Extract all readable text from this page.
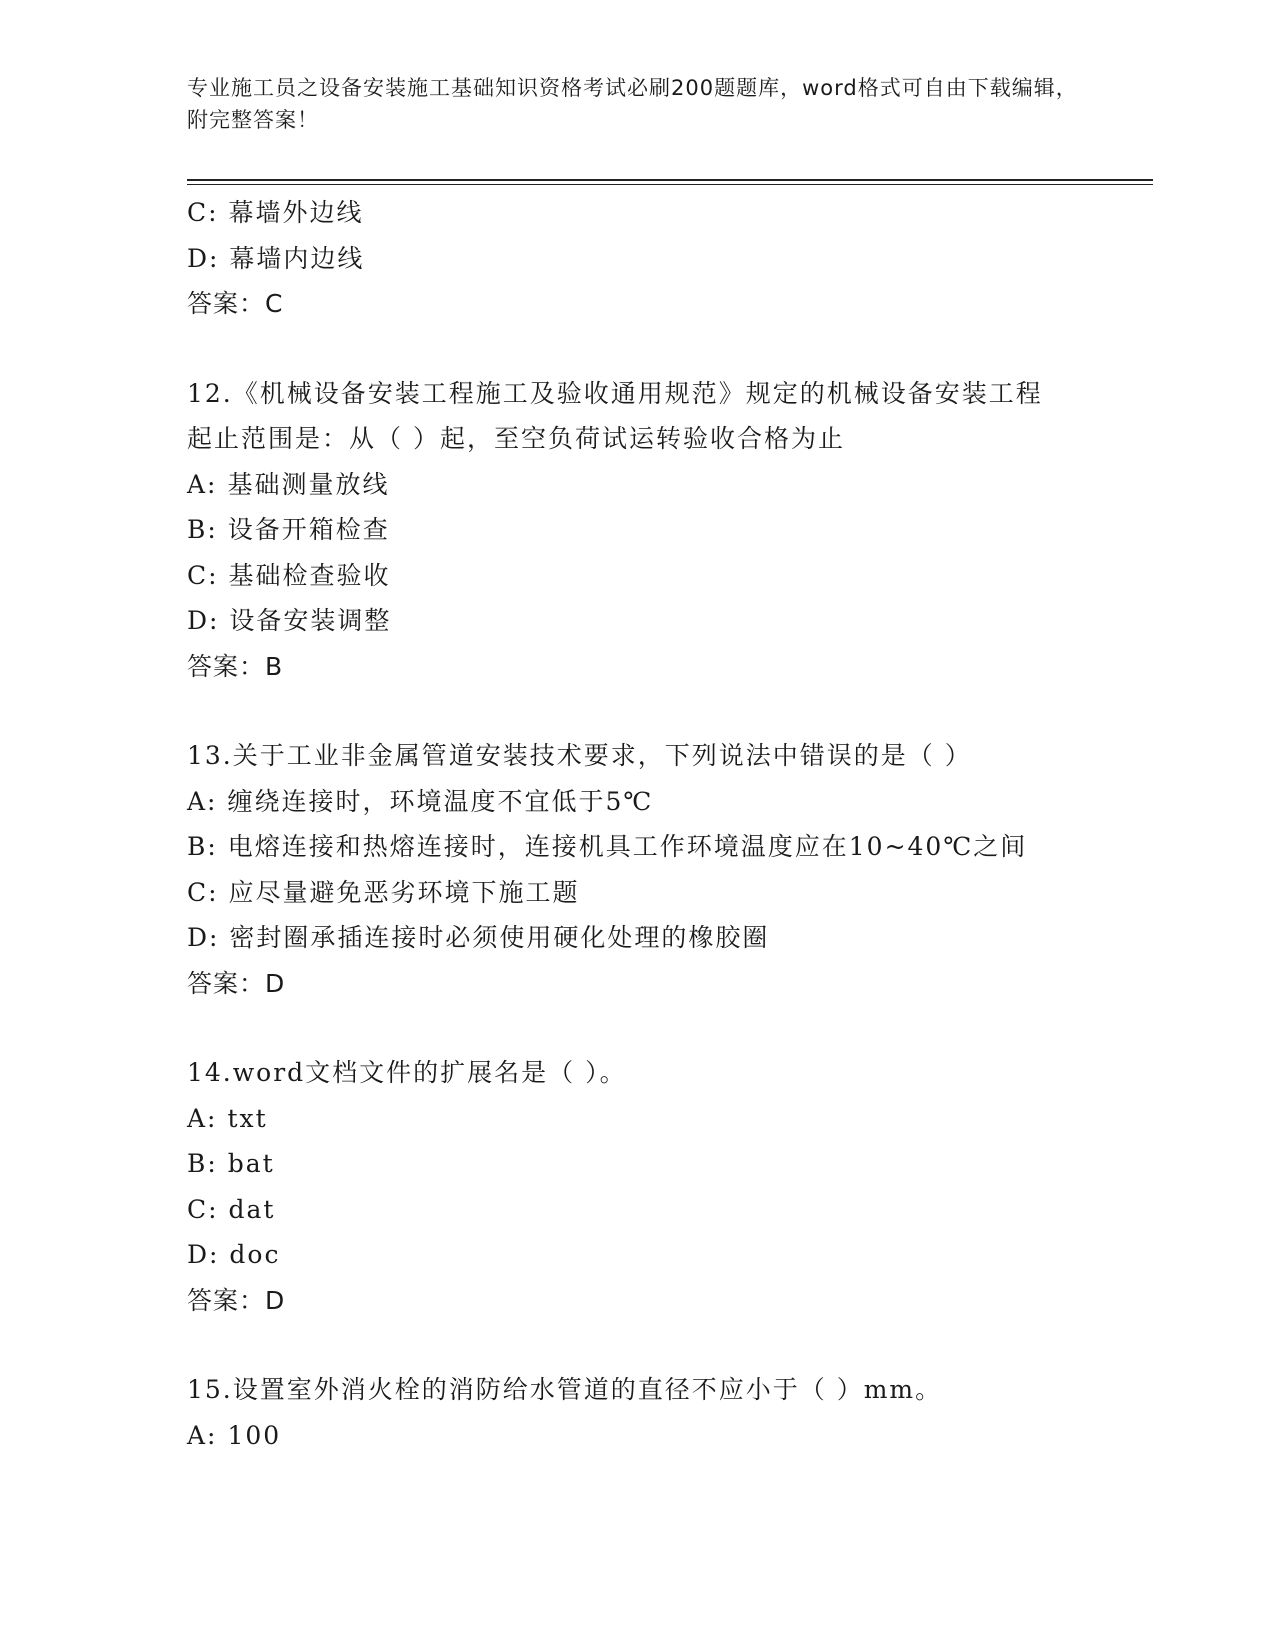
专业施工员之设备安装施工基础知识资格考试必刷200题题库，word格式可自由下载编辑，附完整答案！
C: 幕墙外边线
D: 幕墙内边线
答案：C
12.《机械设备安装工程施工及验收通用规范》规定的机械设备安装工程起止范围是：从（ ）起，至空负荷试运转验收合格为止
A: 基础测量放线
B: 设备开箱检查
C: 基础检查验收
D: 设备安装调整
答案：B
13.关于工业非金属管道安装技术要求，下列说法中错误的是（ ）
A: 缠绕连接时，环境温度不宜低于5℃
B: 电熔连接和热熔连接时，连接机具工作环境温度应在10~40℃之间
C: 应尽量避免恶劣环境下施工题
D: 密封圈承插连接时必须使用硬化处理的橡胶圈
答案：D
14.word文档文件的扩展名是（ ）。
A: txt
B: bat
C: dat
D: doc
答案：D
15.设置室外消火栓的消防给水管道的直径不应小于（ ）mm。
A: 100
